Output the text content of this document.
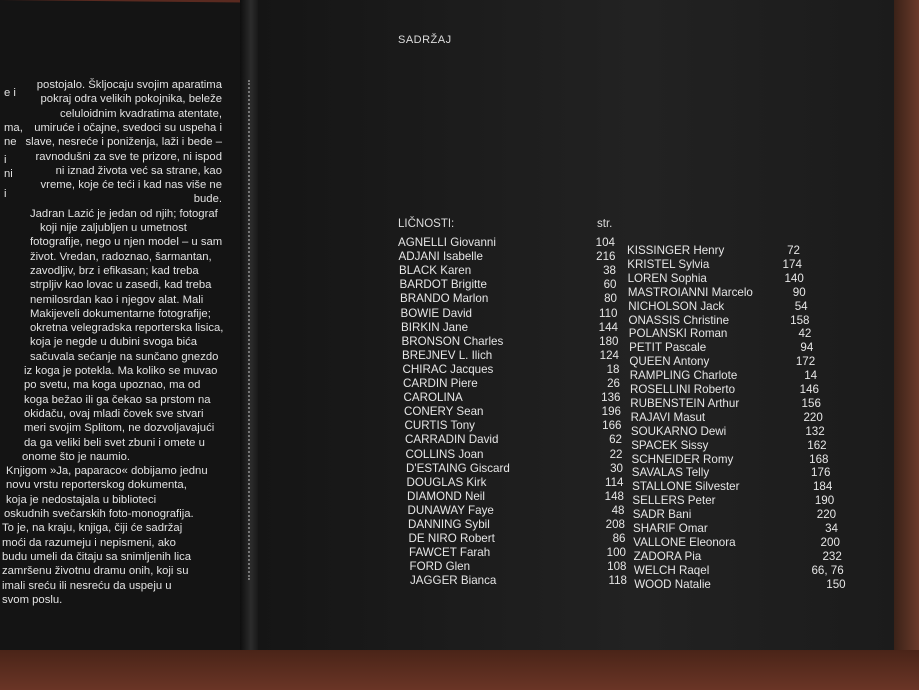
e i
ma,
ne
i
ni
i
postojalo. Škljocaju svojim aparatima
pokraj odra velikih pokojnika, beleže
celuloidnim kvadratima atentate,
umiruće i očajne, svedoci su uspeha i
slave, nesreće i poniženja, laži i bede –
ravnodušni za sve te prizore, ni ispod
ni iznad života već sa strane, kao
vreme, koje će teći i kad nas više ne
bude.
Jadran Lazić je jedan od njih; fotograf
koji nije zaljubljen u umetnost
fotografije, nego u njen model – u sam
život. Vredan, radoznao, šarmantan,
zavodljiv, brz i efikasan; kad treba
strpljiv kao lovac u zasedi, kad treba
nemilosrdan kao i njegov alat. Mali
Makijeveli dokumentarne fotografije;
okretna velegradska reporterska lisica,
koja je negde u dubini svoga bića
sačuvala sećanje na sunčano gnezdo
iz koga je potekla. Ma koliko se muvao
po svetu, ma koga upoznao, ma od
koga bežao ili ga čekao sa prstom na
okidaču, ovaj mladi čovek sve stvari
meri svojim Splitom, ne dozvoljavajući
da ga veliki beli svet zbuni i omete u
onome što je naumio.
Knjigom »Ja, paparaco« dobijamo jednu
novu vrstu reporterskog dokumenta,
koja je nedostajala u biblioteci
oskudnih svečarskih foto-monografija.
To je, na kraju, knjiga, čiji će sadržaj
moći da razumeju i nepismeni, ako
budu umeli da čitaju sa snimljenih lica
zamršenu životnu dramu onih, koji su
imali sreću ili nesreću da uspeju u
svom poslu.
SADRŽAJ
LIČNOSTI:	str.
AGNELLI Giovanni	104
ADJANI Isabelle	216
BLACK Karen	38
BARDOT Brigitte	60
BRANDO Marlon	80
BOWIE David	110
BIRKIN Jane	144
BRONSON Charles	180
BREJNEV L. Ilich	124
CHIRAC Jacques	18
CARDIN Piere	26
CAROLINA	136
CONERY Sean	196
CURTIS Tony	166
CARRADIN David	62
COLLINS Joan	22
D'ESTAING Giscard	30
DOUGLAS Kirk	114
DIAMOND Neil	148
DUNAWAY Faye	48
DANNING Sybil	208
DE NIRO Robert	86
FAWCET Farah	100
FORD Glen	108
JAGGER Bianca	118
KISSINGER Henry	72
KRISTEL Sylvia	174
LOREN Sophia	140
MASTROIANNI Marcelo	90
NICHOLSON Jack	54
ONASSIS Christine	158
POLANSKI Roman	42
PETIT Pascale	94
QUEEN Antony	172
RAMPLING Charlote	14
ROSELLINI Roberto	146
RUBENSTEIN Arthur	156
RAJAVI Masut	220
SOUKARNO Dewi	132
SPACEK Sissy	162
SCHNEIDER Romy	168
SAVALAS Telly	176
STALLONE Silvester	184
SELLERS Peter	190
SADR Bani	220
SHARIF Omar	34
VALLONE Eleonora	200
ZADORA Pia	232
WELCH Raqel	66, 76
WOOD Natalie	150
